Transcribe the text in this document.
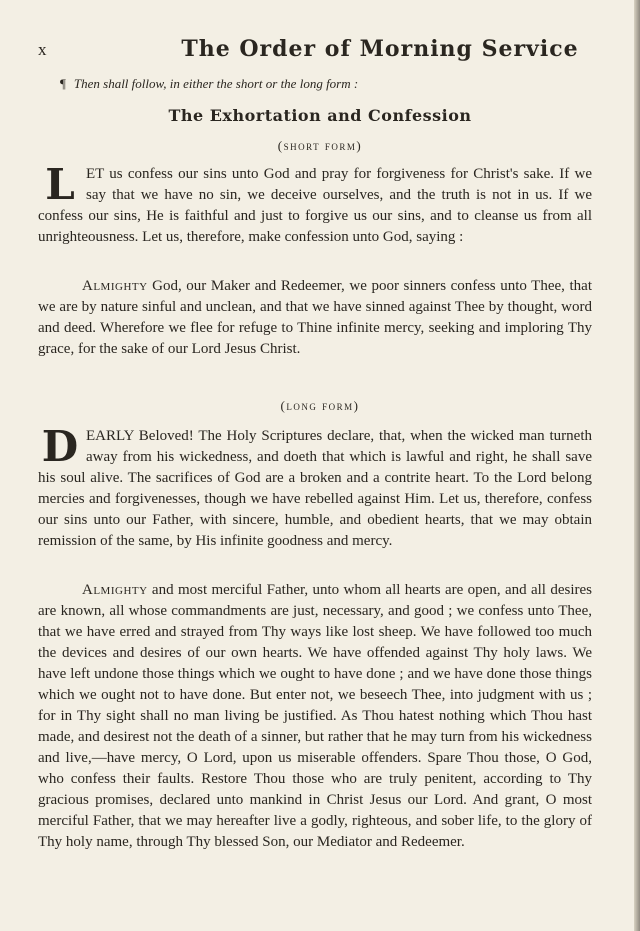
x	The Order of Morning Service
¶ Then shall follow, in either the short or the long form :
The Exhortation and Confession
(short form)
LET us confess our sins unto God and pray for forgiveness for Christ's sake. If we say that we have no sin, we deceive ourselves, and the truth is not in us. If we confess our sins, He is faithful and just to forgive us our sins, and to cleanse us from all unrighteousness. Let us, therefore, make confession unto God, saying :
Almighty God, our Maker and Redeemer, we poor sinners confess unto Thee, that we are by nature sinful and unclean, and that we have sinned against Thee by thought, word and deed. Wherefore we flee for refuge to Thine infinite mercy, seeking and imploring Thy grace, for the sake of our Lord Jesus Christ.
(long form)
DEARLY Beloved! The Holy Scriptures declare, that, when the wicked man turneth away from his wickedness, and doeth that which is lawful and right, he shall save his soul alive. The sacrifices of God are a broken and a contrite heart. To the Lord belong mercies and forgivenesses, though we have rebelled against Him. Let us, therefore, confess our sins unto our Father, with sincere, humble, and obedient hearts, that we may obtain remission of the same, by His infinite goodness and mercy.
Almighty and most merciful Father, unto whom all hearts are open, and all desires are known, all whose commandments are just, necessary, and good ; we confess unto Thee, that we have erred and strayed from Thy ways like lost sheep. We have followed too much the devices and desires of our own hearts. We have offended against Thy holy laws. We have left undone those things which we ought to have done ; and we have done those things which we ought not to have done. But enter not, we beseech Thee, into judgment with us ; for in Thy sight shall no man living be justified. As Thou hatest nothing which Thou hast made, and desirest not the death of a sinner, but rather that he may turn from his wickedness and live,—have mercy, O Lord, upon us miserable offenders. Spare Thou those, O God, who confess their faults. Restore Thou those who are truly penitent, according to Thy gracious promises, declared unto mankind in Christ Jesus our Lord. And grant, O most merciful Father, that we may hereafter live a godly, righteous, and sober life, to the glory of Thy holy name, through Thy blessed Son, our Mediator and Redeemer.
